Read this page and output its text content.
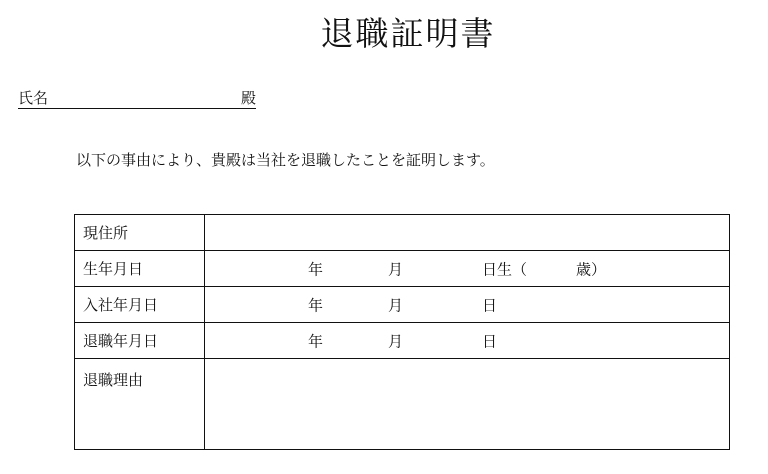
退職証明書
氏名	殿
以下の事由により、貴殿は当社を退職したことを証明します。
現住所	
生年月日	年 月 日生（ 歳）

入社年月日	年 月 日

退職年月日	年 月 日

退職理由	
